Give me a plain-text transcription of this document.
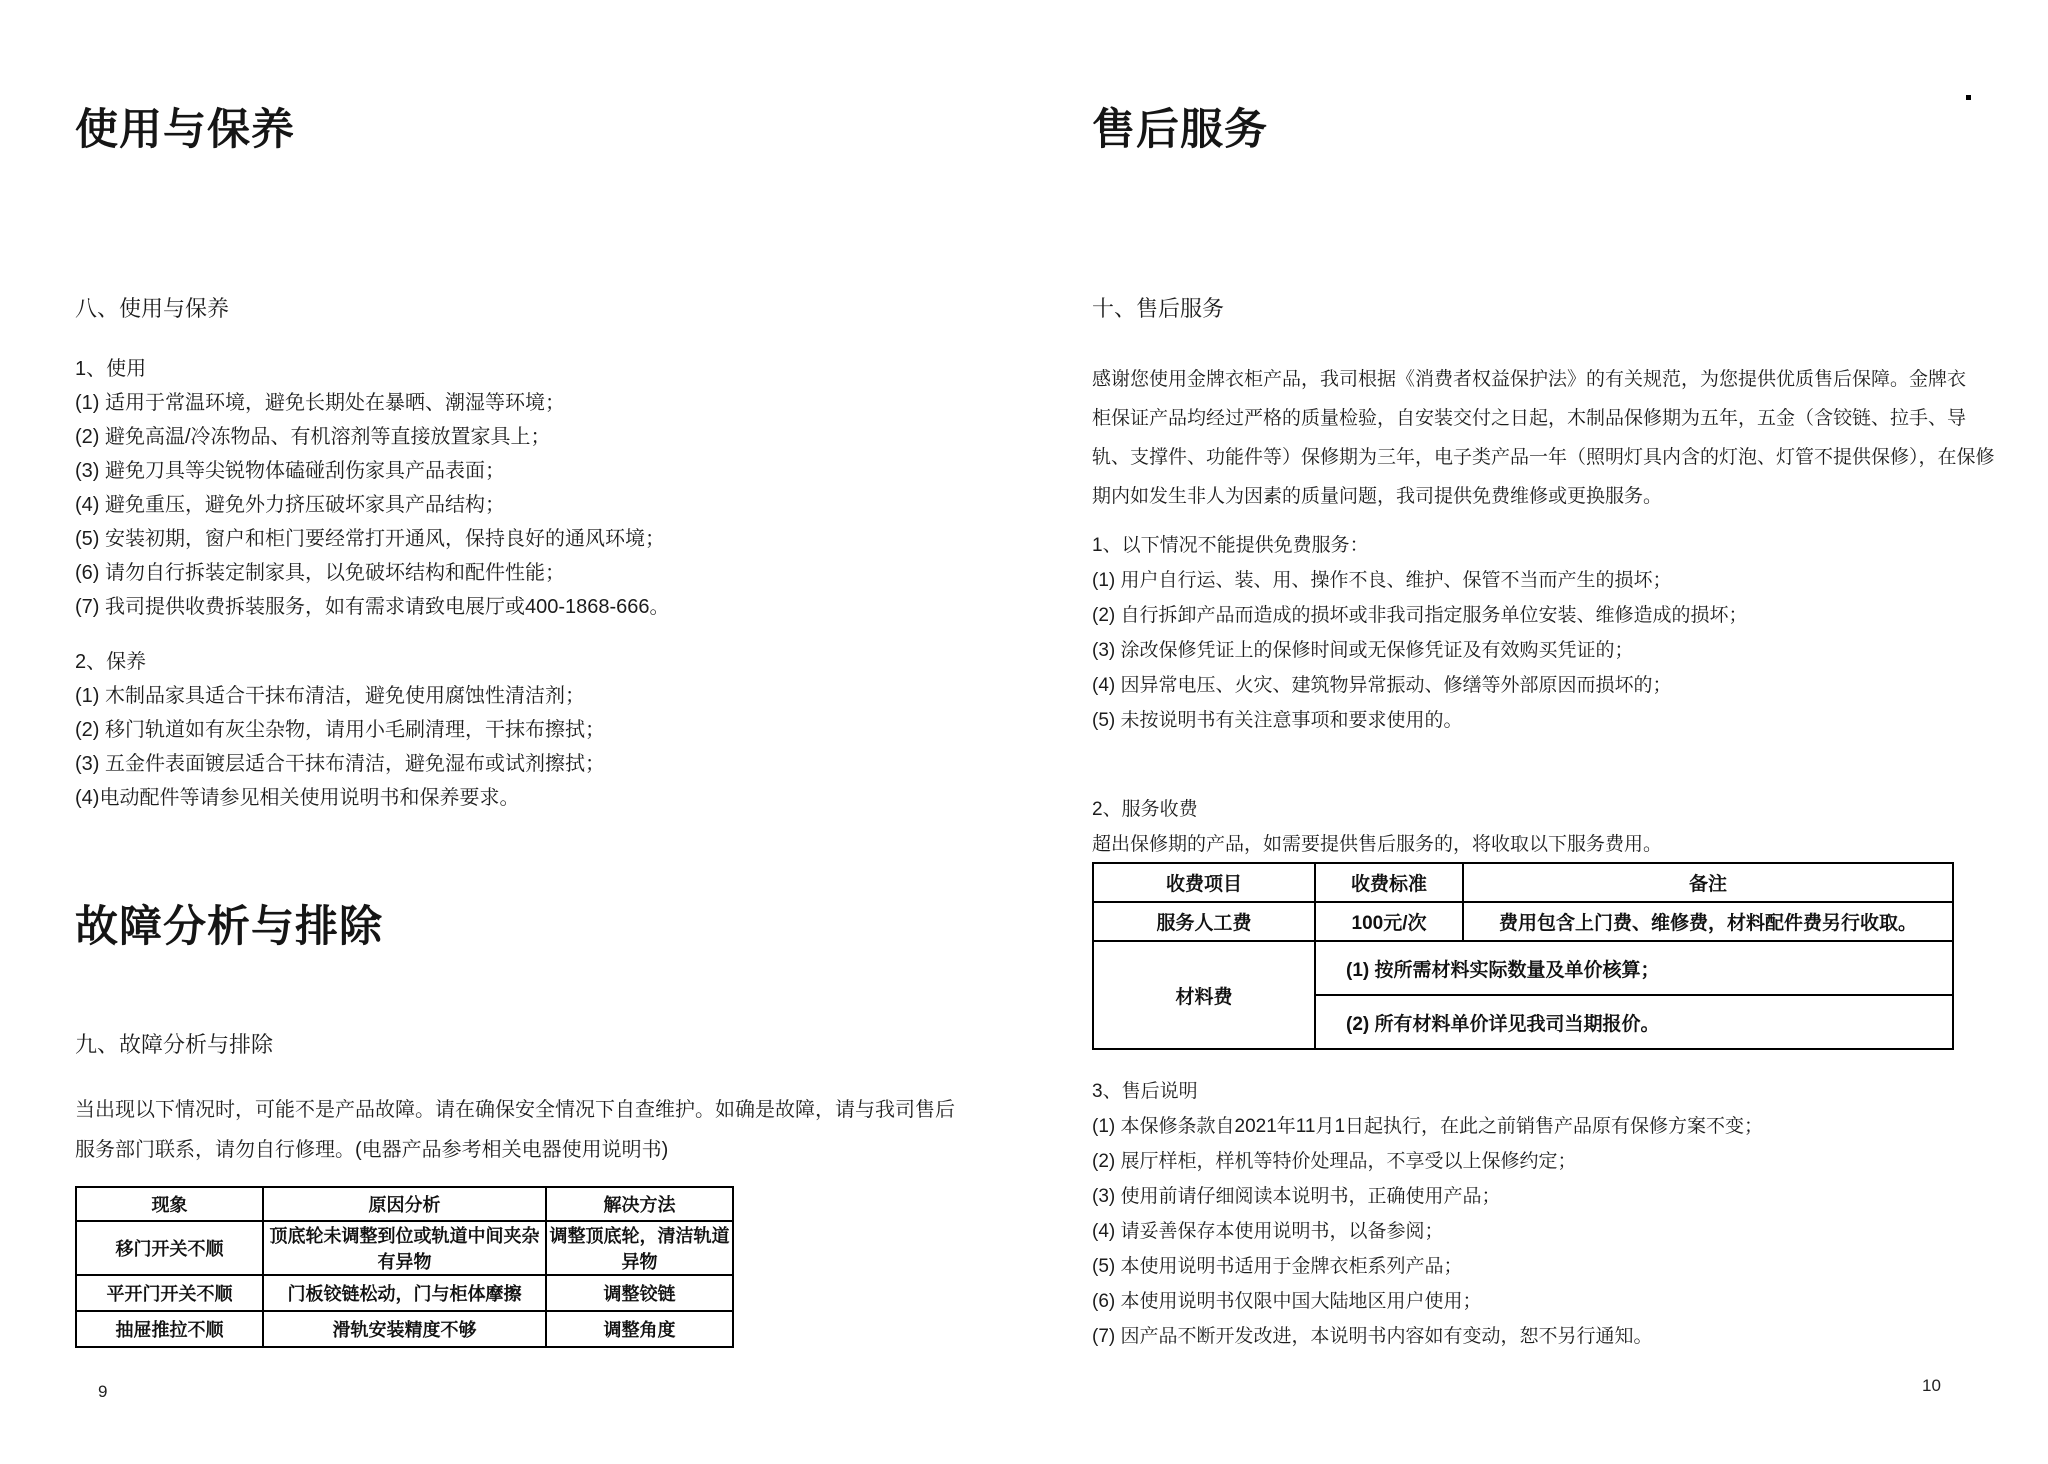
使用与保养
八、使用与保养
1、使用
(1) 适用于常温环境，避免长期处在暴晒、潮湿等环境；
(2) 避免高温/冷冻物品、有机溶剂等直接放置家具上；
(3) 避免刀具等尖锐物体磕碰刮伤家具产品表面；
(4) 避免重压，避免外力挤压破坏家具产品结构；
(5) 安装初期，窗户和柜门要经常打开通风，保持良好的通风环境；
(6) 请勿自行拆装定制家具，以免破坏结构和配件性能；
(7) 我司提供收费拆装服务，如有需求请致电展厅或400-1868-666。
2、保养
(1) 木制品家具适合干抹布清洁，避免使用腐蚀性清洁剂；
(2) 移门轨道如有灰尘杂物，请用小毛刷清理，干抹布擦拭；
(3) 五金件表面镀层适合干抹布清洁，避免湿布或试剂擦拭；
(4)电动配件等请参见相关使用说明书和保养要求。
故障分析与排除
九、故障分析与排除
当出现以下情况时，可能不是产品故障。请在确保安全情况下自查维护。如确是故障，请与我司售后
服务部门联系，请勿自行修理。(电器产品参考相关电器使用说明书)
现象	原因分析	解决方法
移门开关不顺	顶底轮未调整到位或轨道中间夹杂有异物	调整顶底轮，清洁轨道异物
平开门开关不顺	门板铰链松动，门与柜体摩擦	调整铰链
抽屉推拉不顺	滑轨安装精度不够	调整角度
9
售后服务
十、售后服务
感谢您使用金牌衣柜产品，我司根据《消费者权益保护法》的有关规范，为您提供优质售后保障。金牌衣
柜保证产品均经过严格的质量检验，自安装交付之日起，木制品保修期为五年，五金（含铰链、拉手、导
轨、支撑件、功能件等）保修期为三年，电子类产品一年（照明灯具内含的灯泡、灯管不提供保修），在保修
期内如发生非人为因素的质量问题，我司提供免费维修或更换服务。
1、以下情况不能提供免费服务：
(1) 用户自行运、装、用、操作不良、维护、保管不当而产生的损坏；
(2) 自行拆卸产品而造成的损坏或非我司指定服务单位安装、维修造成的损坏；
(3) 涂改保修凭证上的保修时间或无保修凭证及有效购买凭证的；
(4) 因异常电压、火灾、建筑物异常振动、修缮等外部原因而损坏的；
(5) 未按说明书有关注意事项和要求使用的。
2、服务收费
超出保修期的产品，如需要提供售后服务的，将收取以下服务费用。
收费项目	收费标准	备注
服务人工费	100元/次	费用包含上门费、维修费，材料配件费另行收取。
材料费	(1) 按所需材料实际数量及单价核算；	
	(2) 所有材料单价详见我司当期报价。	
3、售后说明
(1) 本保修条款自2021年11月1日起执行，在此之前销售产品原有保修方案不变；
(2) 展厅样柜，样机等特价处理品，不享受以上保修约定；
(3) 使用前请仔细阅读本说明书，正确使用产品；
(4) 请妥善保存本使用说明书，以备参阅；
(5) 本使用说明书适用于金牌衣柜系列产品；
(6) 本使用说明书仅限中国大陆地区用户使用；
(7) 因产品不断开发改进，本说明书内容如有变动，恕不另行通知。
10
